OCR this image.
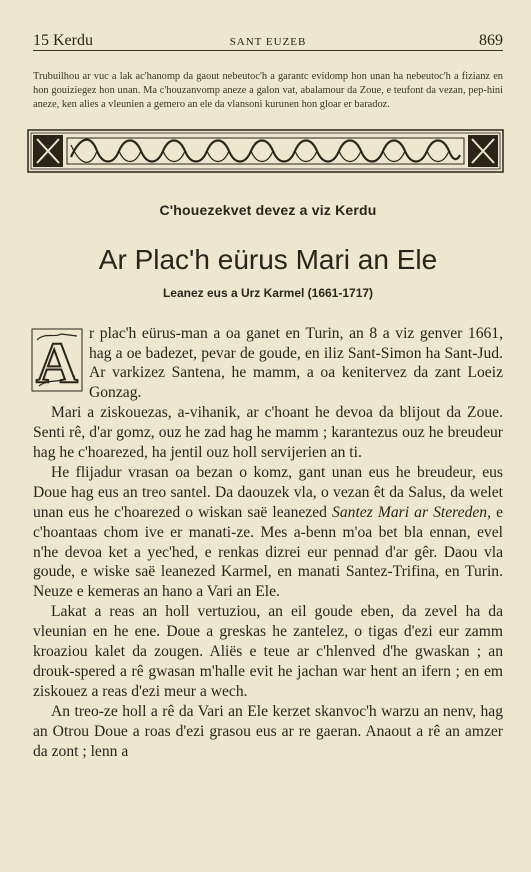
15 Kerdu	SANT EUZEB	869
Trubuilhou ar vuc a lak ac'hanomp da gaout nebeutoc'h a garantc evidomp hon unan ha nebeutoc'h a fizianz en hon gouiziegez hon unan. Ma c'houzanvomp aneze a galon vat, abalamour da Zoue, e teufont da vezan, pep-hini aneze, ken alies a vleunien a gemero an ele da vlansoni kurunen hon gloar er baradoz.
C'houezekvet devez a viz Kerdu
Ar Plac'h eürus Mari an Ele
Leanez eus a Urz Karmel (1661-1717)

A r plac'h eürus-man a oa ganet en Turin, an 8 a viz genver 1661, hag a oe badezet, pevar de goude, en iliz Sant-Simon ha Sant-Jud. Ar varkizez Santena, he mamm, a oa kenitervez da zant Loeiz Gonzag.

Mari a ziskouezas, a-vihanik, ar c'hoant he devoa da blijout da Zoue. Senti rê, d'ar gomz, ouz he zad hag he mamm ; karantezus ouz he breudeur hag he c'hoarezed, ha jentil ouz holl servijerien an ti.

He flijadur vrasan oa bezan o komz, gant unan eus he breudeur, eus Doue hag eus an treo santel. Da daouzek vla, o vezan êt da Salus, da welet unan eus he c'hoarezed o wiskan saë leanezed Santez Mari ar Stereden, e c'hoantaas chom ive er manati-ze. Mes a-benn m'oa bet bla ennan, evel n'he devoa ket a yec'hed, e renkas dizrei eur pennad d'ar gêr. Daou vla goude, e wiske saë leanezed Karmel, en manati Santez-Trifina, en Turin. Neuze e kemeras an hano a Vari an Ele.

Lakat a reas an holl vertuziou, an eil goude eben, da zevel ha da vleunian en he ene. Doue a greskas he zantelez, o tigas d'ezi eur zamm kroaziou kalet da zougen. Aliës e teue ar c'hlenved d'he gwaskan ; an drouk-spered a rê gwasan m'halle evit he jachan war hent an ifern ; en em ziskouez a reas d'ezi meur a wech.

An treo-ze holl a rê da Vari an Ele kerzet skanvoc'h warzu an nenv, hag an Otrou Doue a roas d'ezi grasou eus ar re gaeran. Anaout a rê an amzer da zont ; lenn a
